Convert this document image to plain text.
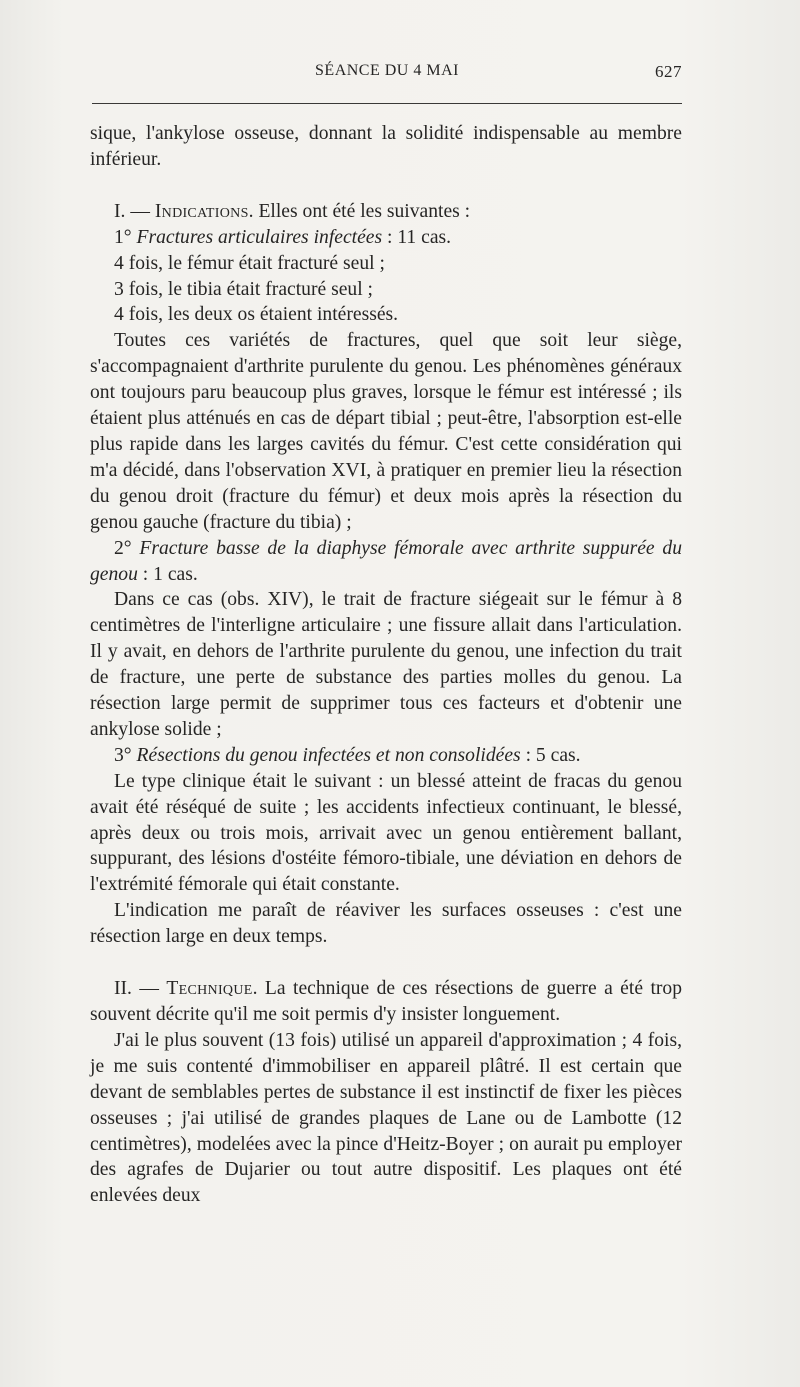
SÉANCE DU 4 MAI	627

sique, l'ankylose osseuse, donnant la solidité indispensable au membre inférieur.

I. — Indications. Elles ont été les suivantes :

1° Fractures articulaires infectées : 11 cas.

4 fois, le fémur était fracturé seul ;

3 fois, le tibia était fracturé seul ;

4 fois, les deux os étaient intéressés.

Toutes ces variétés de fractures, quel que soit leur siège, s'accompagnaient d'arthrite purulente du genou. Les phénomènes généraux ont toujours paru beaucoup plus graves, lorsque le fémur est intéressé ; ils étaient plus atténués en cas de départ tibial ; peut-être, l'absorption est-elle plus rapide dans les larges cavités du fémur. C'est cette considération qui m'a décidé, dans l'observation XVI, à pratiquer en premier lieu la résection du genou droit (fracture du fémur) et deux mois après la résection du genou gauche (fracture du tibia) ;

2° Fracture basse de la diaphyse fémorale avec arthrite suppurée du genou : 1 cas.

Dans ce cas (obs. XIV), le trait de fracture siégeait sur le fémur à 8 centimètres de l'interligne articulaire ; une fissure allait dans l'articulation. Il y avait, en dehors de l'arthrite purulente du genou, une infection du trait de fracture, une perte de substance des parties molles du genou. La résection large permit de supprimer tous ces facteurs et d'obtenir une ankylose solide ;

3° Résections du genou infectées et non consolidées : 5 cas.

Le type clinique était le suivant : un blessé atteint de fracas du genou avait été réséqué de suite ; les accidents infectieux continuant, le blessé, après deux ou trois mois, arrivait avec un genou entièrement ballant, suppurant, des lésions d'ostéite fémoro-tibiale, une déviation en dehors de l'extrémité fémorale qui était constante.

L'indication me paraît de réaviver les surfaces osseuses : c'est une résection large en deux temps.

II. — Technique. La technique de ces résections de guerre a été trop souvent décrite qu'il me soit permis d'y insister longuement.

J'ai le plus souvent (13 fois) utilisé un appareil d'approximation ; 4 fois, je me suis contenté d'immobiliser en appareil plâtré. Il est certain que devant de semblables pertes de substance il est instinctif de fixer les pièces osseuses ; j'ai utilisé de grandes plaques de Lane ou de Lambotte (12 centimètres), modelées avec la pince d'Heitz-Boyer ; on aurait pu employer des agrafes de Dujarier ou tout autre dispositif. Les plaques ont été enlevées deux
